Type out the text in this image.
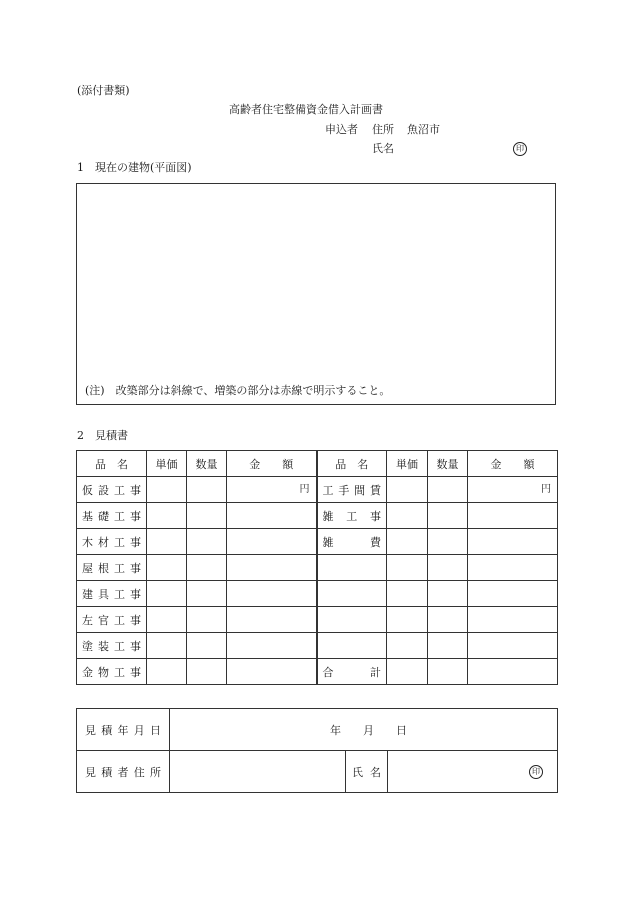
(添付書類)
高齢者住宅整備資金借入計画書
申込者 住所 魚沼市
氏名	印
1　現在の建物(平面図)
(注)　改築部分は斜線で、増築の部分は赤線で明示すること。
2　見積書
品　名	単価	数量	金　　額	品　名	単価	数量	金　　額
仮設工事			円	工手間賃			円

基礎工事				雑　工　事			
木材工事				雑　　費			
屋根工事							
建具工事							
左官工事							
塗装工事							
金物工事				合　　計			
見積年月日	年　　月　　日		
見積者住所		氏名	印
